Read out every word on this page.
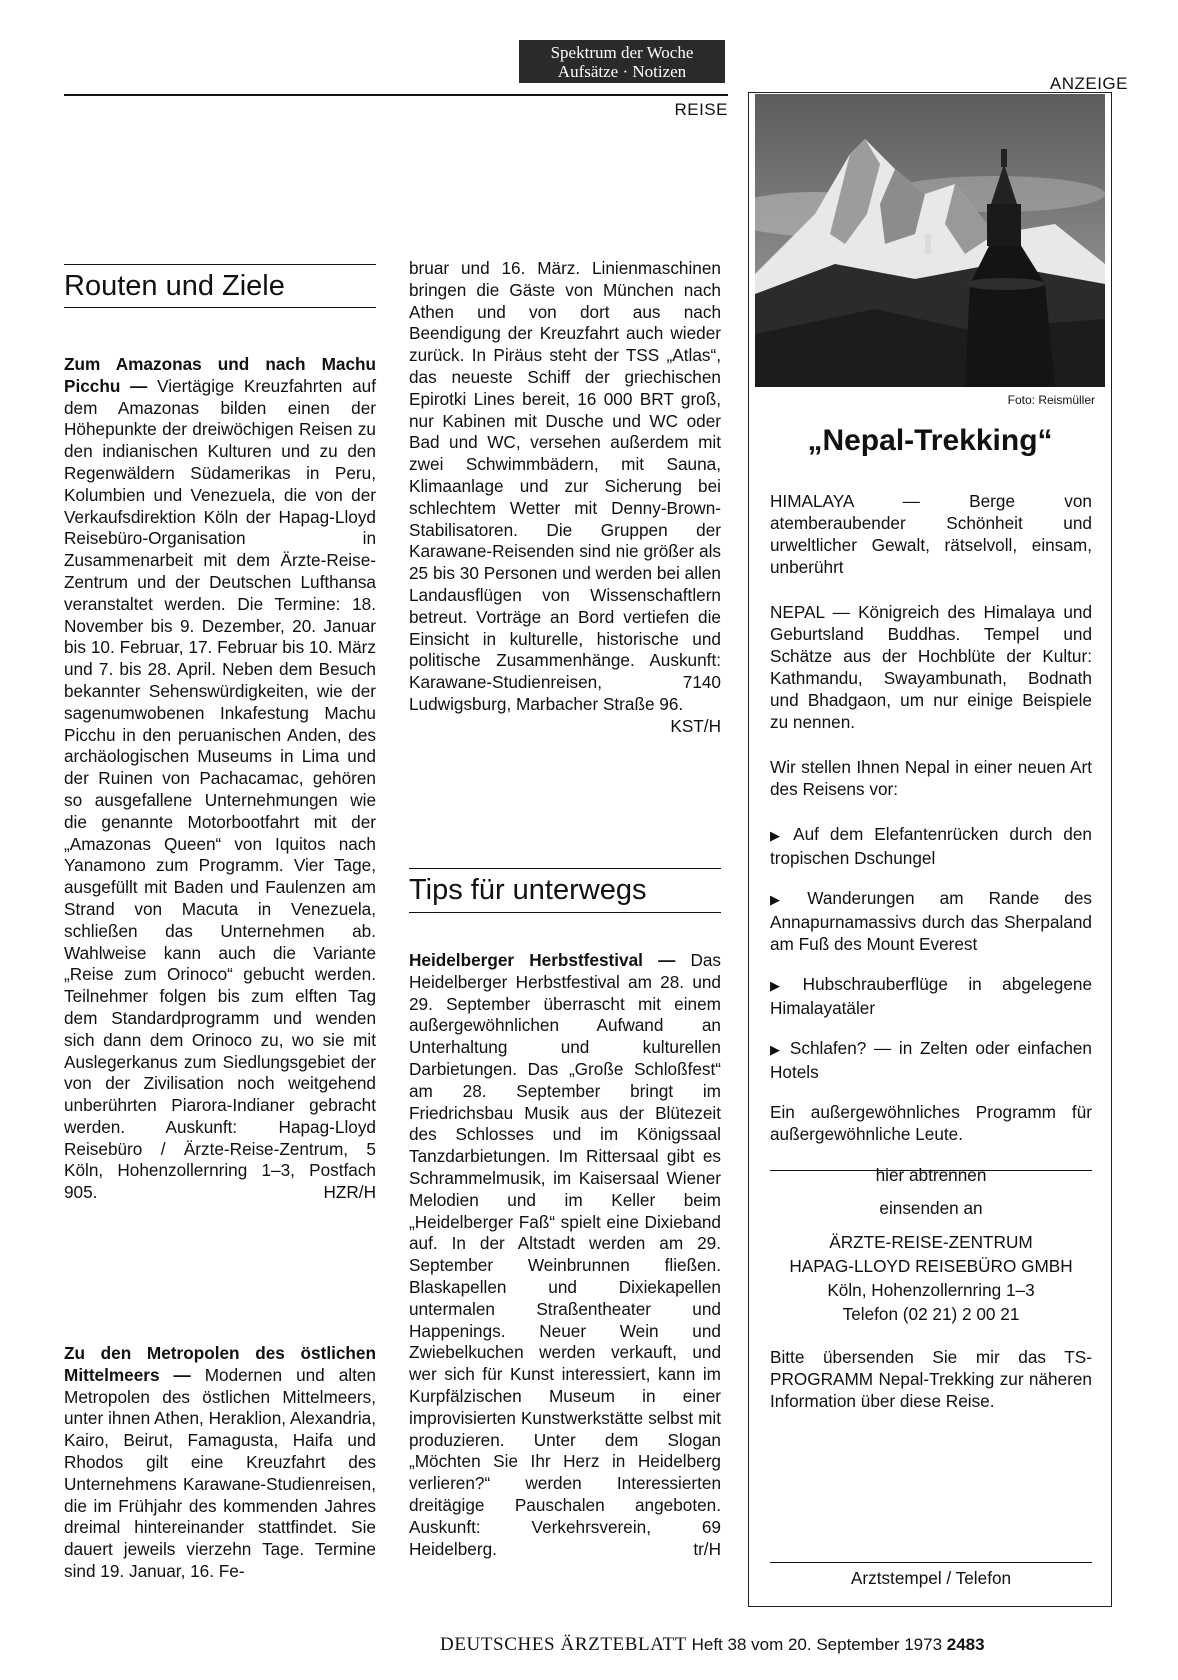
Spektrum der Woche
Aufsätze · Notizen
REISE
ANZEIGE
Routen und Ziele

Zum Amazonas und nach Machu Picchu — Viertägige Kreuzfahrten auf dem Amazonas bilden einen der Höhepunkte der dreiwöchigen Reisen zu den indianischen Kulturen und zu den Regenwäldern Südamerikas in Peru, Kolumbien und Venezuela, die von der Verkaufsdirektion Köln der Hapag-Lloyd Reisebüro-Organisation in Zusammenarbeit mit dem Ärzte-Reise-Zentrum und der Deutschen Lufthansa veranstaltet werden. Die Termine: 18. November bis 9. Dezember, 20. Januar bis 10. Februar, 17. Februar bis 10. März und 7. bis 28. April. Neben dem Besuch bekannter Sehenswürdigkeiten, wie der sagenumwobenen Inkafestung Machu Picchu in den peruanischen Anden, des archäologischen Museums in Lima und der Ruinen von Pachacamac, gehören so ausgefallene Unternehmungen wie die genannte Motorbootfahrt mit der „Amazonas Queen“ von Iquitos nach Yanamono zum Programm. Vier Tage, ausgefüllt mit Baden und Faulenzen am Strand von Macuta in Venezuela, schließen das Unternehmen ab. Wahlweise kann auch die Variante „Reise zum Orinoco“ gebucht werden. Teilnehmer folgen bis zum elften Tag dem Standardprogramm und wenden sich dann dem Orinoco zu, wo sie mit Auslegerkanus zum Siedlungsgebiet der von der Zivilisation noch weitgehend unberührten Piarora-Indianer gebracht werden. Auskunft: Hapag-Lloyd Reisebüro / Ärzte-Reise-Zentrum, 5 Köln, Hohenzollernring 1–3, Postfach 905.	HZR/H

Zu den Metropolen des östlichen Mittelmeers — Modernen und alten Metropolen des östlichen Mittelmeers, unter ihnen Athen, Heraklion, Alexandria, Kairo, Beirut, Famagusta, Haifa und Rhodos gilt eine Kreuzfahrt des Unternehmens Karawane-Studienreisen, die im Frühjahr des kommenden Jahres dreimal hintereinander stattfindet. Sie dauert jeweils vierzehn Tage. Termine sind 19. Januar, 16. Fe-

bruar und 16. März. Linienmaschinen bringen die Gäste von München nach Athen und von dort aus nach Beendigung der Kreuzfahrt auch wieder zurück. In Piräus steht der TSS „Atlas“, das neueste Schiff der griechischen Epirotki Lines bereit, 16 000 BRT groß, nur Kabinen mit Dusche und WC oder Bad und WC, versehen außerdem mit zwei Schwimmbädern, mit Sauna, Klimaanlage und zur Sicherung bei schlechtem Wetter mit Denny-Brown-Stabilisatoren. Die Gruppen der Karawane-Reisenden sind nie größer als 25 bis 30 Personen und werden bei allen Landausflügen von Wissenschaftlern betreut. Vorträge an Bord vertiefen die Einsicht in kulturelle, historische und politische Zusammenhänge. Auskunft: Karawane-Studienreisen, 7140 Ludwigsburg, Marbacher Straße 96.
KST/H

Tips für unterwegs

Heidelberger Herbstfestival — Das Heidelberger Herbstfestival am 28. und 29. September überrascht mit einem außergewöhnlichen Aufwand an Unterhaltung und kulturellen Darbietungen. Das „Große Schloßfest“ am 28. September bringt im Friedrichsbau Musik aus der Blütezeit des Schlosses und im Königssaal Tanzdarbietungen. Im Rittersaal gibt es Schrammelmusik, im Kaisersaal Wiener Melodien und im Keller beim „Heidelberger Faß“ spielt eine Dixieband auf. In der Altstadt werden am 29. September Weinbrunnen fließen. Blaskapellen und Dixiekapellen untermalen Straßentheater und Happenings. Neuer Wein und Zwiebelkuchen werden verkauft, und wer sich für Kunst interessiert, kann im Kurpfälzischen Museum in einer improvisierten Kunstwerkstätte selbst mit produzieren. Unter dem Slogan „Möchten Sie Ihr Herz in Heidelberg verlieren?“ werden Interessierten dreitägige Pauschalen angeboten. Auskunft: Verkehrsverein, 69 Heidelberg.	tr/H

Foto: Reismüller
„Nepal-Trekking“

HIMALAYA — Berge von atemberaubender Schönheit und urweltlicher Gewalt, rätselvoll, einsam, unberührt

NEPAL — Königreich des Himalaya und Geburtsland Buddhas. Tempel und Schätze aus der Hochblüte der Kultur: Kathmandu, Swayambunath, Bodnath und Bhadgaon, um nur einige Beispiele zu nennen.

Wir stellen Ihnen Nepal in einer neuen Art des Reisens vor:

▶ Auf dem Elefantenrücken durch den tropischen Dschungel

▶ Wanderungen am Rande des Annapurnamassivs durch das Sherpaland am Fuß des Mount Everest

▶ Hubschrauberflüge in abgelegene Himalayatäler

▶ Schlafen? — in Zelten oder einfachen Hotels

Ein außergewöhnliches Programm für außergewöhnliche Leute.

hier abtrennen
einsenden an
ÄRZTE-REISE-ZENTRUM
HAPAG-LLOYD REISEBÜRO GMBH
Köln, Hohenzollernring 1–3
Telefon (02 21) 2 00 21

Bitte übersenden Sie mir das TS-PROGRAMM Nepal-Trekking zur näheren Information über diese Reise.

Arztstempel / Telefon
DEUTSCHES ÄRZTEBLATT Heft 38 vom 20. September 1973 2483
